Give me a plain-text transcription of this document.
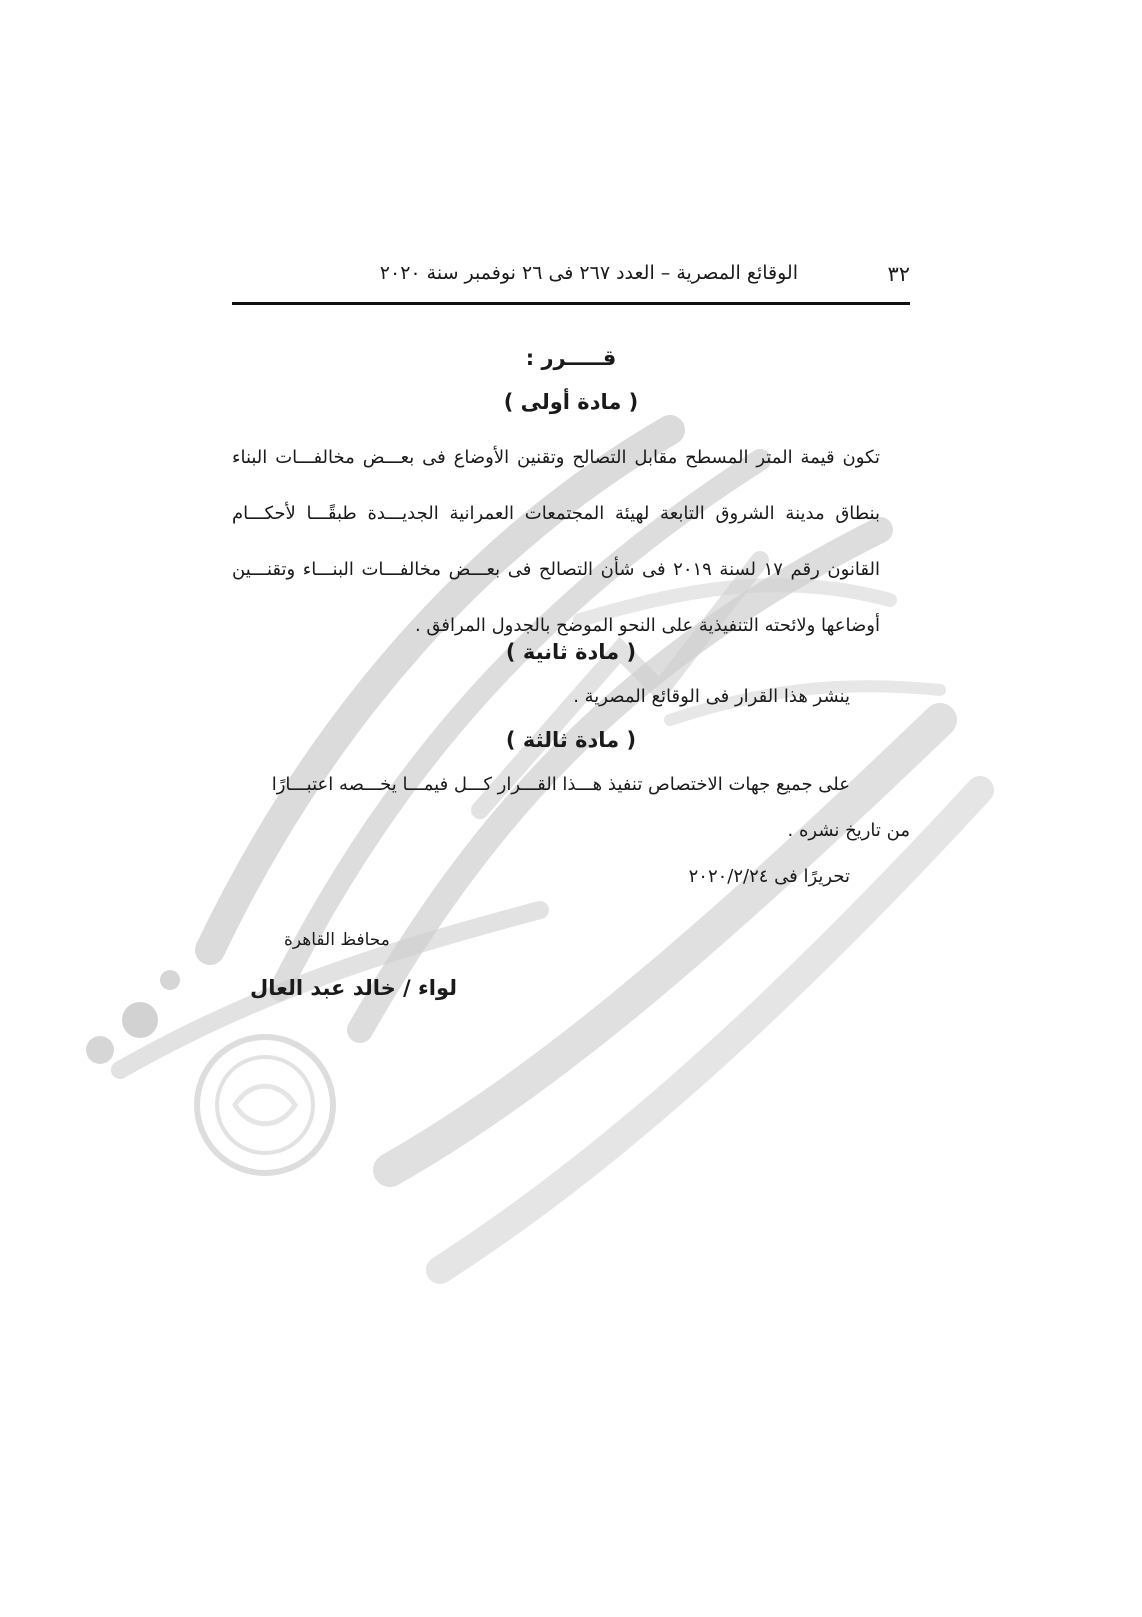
٣٢
الوقائع المصرية – العدد ٢٦٧ فى ٢٦ نوفمبر سنة ٢٠٢٠
قـــــرر :
( مادة أولى )
تكون قيمة المتر المسطح مقابل التصالح وتقنين الأوضاع فى بعـــض مخالفـــات البناء بنطاق مدينة الشروق التابعة لهيئة المجتمعات العمرانية الجديـــدة طبقًـــا لأحكـــام القانون رقم ١٧ لسنة ٢٠١٩ فى شأن التصالح فى بعـــض مخالفـــات البنـــاء وتقنـــين أوضاعها ولائحته التنفيذية على النحو الموضح بالجدول المرافق .
( مادة ثانية )
ينشر هذا القرار فى الوقائع المصرية .
( مادة ثالثة )
على جميع جهات الاختصاص تنفيذ هـــذا القـــرار كـــل فيمـــا يخـــصه اعتبـــارًا
من تاريخ نشره .
تحريرًا فى ٢٠٢٠/٢/٢٤
محافظ القاهرة
لواء / خالد عبد العال
